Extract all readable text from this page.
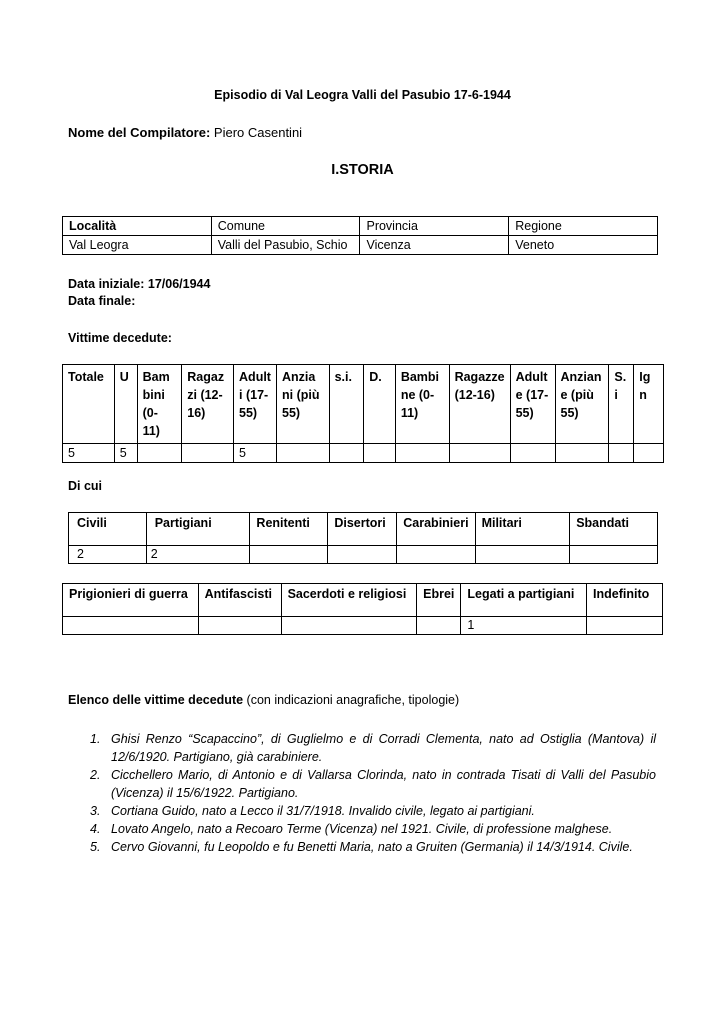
Episodio di Val Leogra Valli del Pasubio 17-6-1944
Nome del Compilatore: Piero Casentini
I.STORIA
Località	Comune	Provincia	Regione
Val Leogra	Valli del Pasubio, Schio	Vicenza	Veneto
Data iniziale: 17/06/1944
Data finale:
Vittime decedute:
Totale	U	Bam bini (0- 11)	Ragaz zi (12- 16)	Adult i (17- 55)	Anzia ni (più 55)	s.i.	D.	Bambi ne (0- 11)	Ragazze (12-16)	Adult e (17- 55)	Anzian e (più 55)	S. i	Ig n
5	5			5									
Di cui
Civili	Partigiani	Renitenti	Disertori	Carabinieri	Militari	Sbandati
2	2					
Prigionieri di guerra	Antifascisti	Sacerdoti e religiosi	Ebrei	Legati a partigiani	Indefinito
				1	
Elenco delle vittime decedute (con indicazioni anagrafiche, tipologie)
1. Ghisi Renzo “Scapaccino”, di Guglielmo e di Corradi Clementa, nato ad Ostiglia (Mantova) il 12/6/1920. Partigiano, già carabiniere.
2. Cicchellero Mario, di Antonio e di Vallarsa Clorinda, nato in contrada Tisati di Valli del Pasubio (Vicenza) il 15/6/1922. Partigiano.
3. Cortiana Guido, nato a Lecco il 31/7/1918. Invalido civile, legato ai partigiani.
4. Lovato Angelo, nato a Recoaro Terme (Vicenza) nel 1921. Civile, di professione malghese.
5. Cervo Giovanni, fu Leopoldo e fu Benetti Maria, nato a Gruiten (Germania) il 14/3/1914. Civile.
